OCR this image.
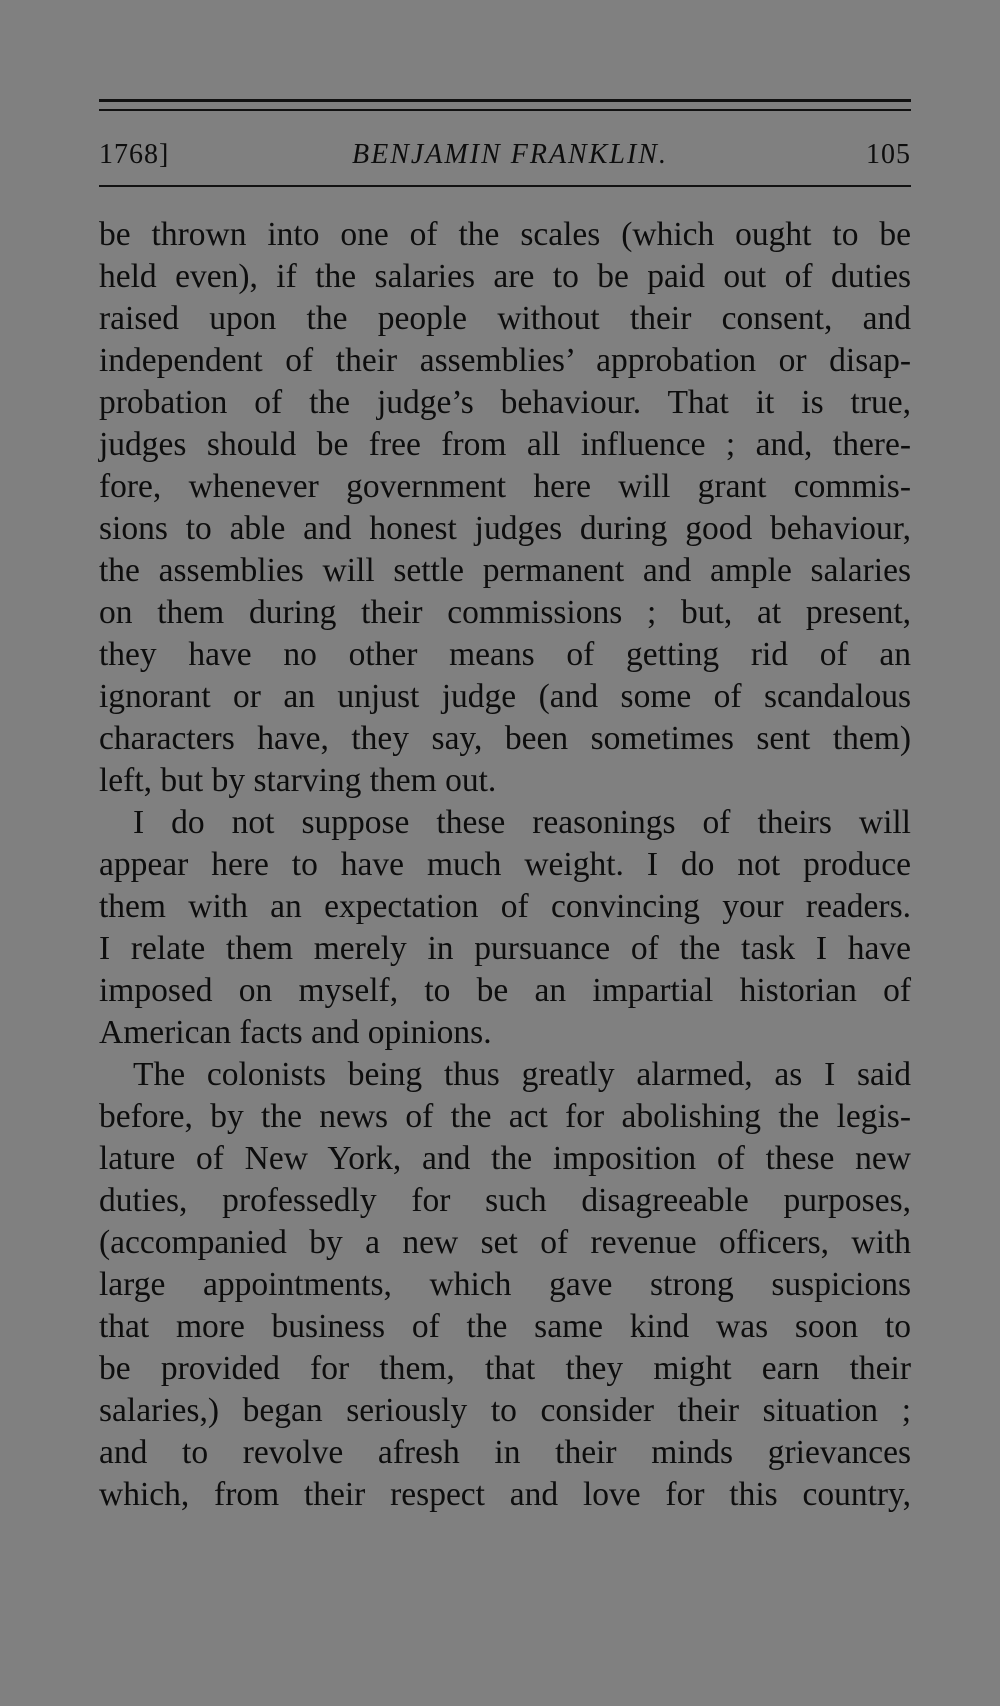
1768]	BENJAMIN FRANKLIN.	105
be thrown into one of the scales (which ought to be
held even), if the salaries are to be paid out of duties
raised upon the people without their consent, and
independent of their assemblies’ approbation or disap-
probation of the judge’s behaviour. That it is true,
judges should be free from all influence ; and, there-
fore, whenever government here will grant commis-
sions to able and honest judges during good behaviour,
the assemblies will settle permanent and ample salaries
on them during their commissions ; but, at present,
they have no other means of getting rid of an
ignorant or an unjust judge (and some of scandalous
characters have, they say, been sometimes sent them)
left, but by starving them out.
I do not suppose these reasonings of theirs will
appear here to have much weight. I do not produce
them with an expectation of convincing your readers.
I relate them merely in pursuance of the task I have
imposed on myself, to be an impartial historian of
American facts and opinions.
The colonists being thus greatly alarmed, as I said
before, by the news of the act for abolishing the legis-
lature of New York, and the imposition of these new
duties, professedly for such disagreeable purposes,
(accompanied by a new set of revenue officers, with
large appointments, which gave strong suspicions
that more business of the same kind was soon to
be provided for them, that they might earn their
salaries,) began seriously to consider their situation ;
and to revolve afresh in their minds grievances
which, from their respect and love for this country,
